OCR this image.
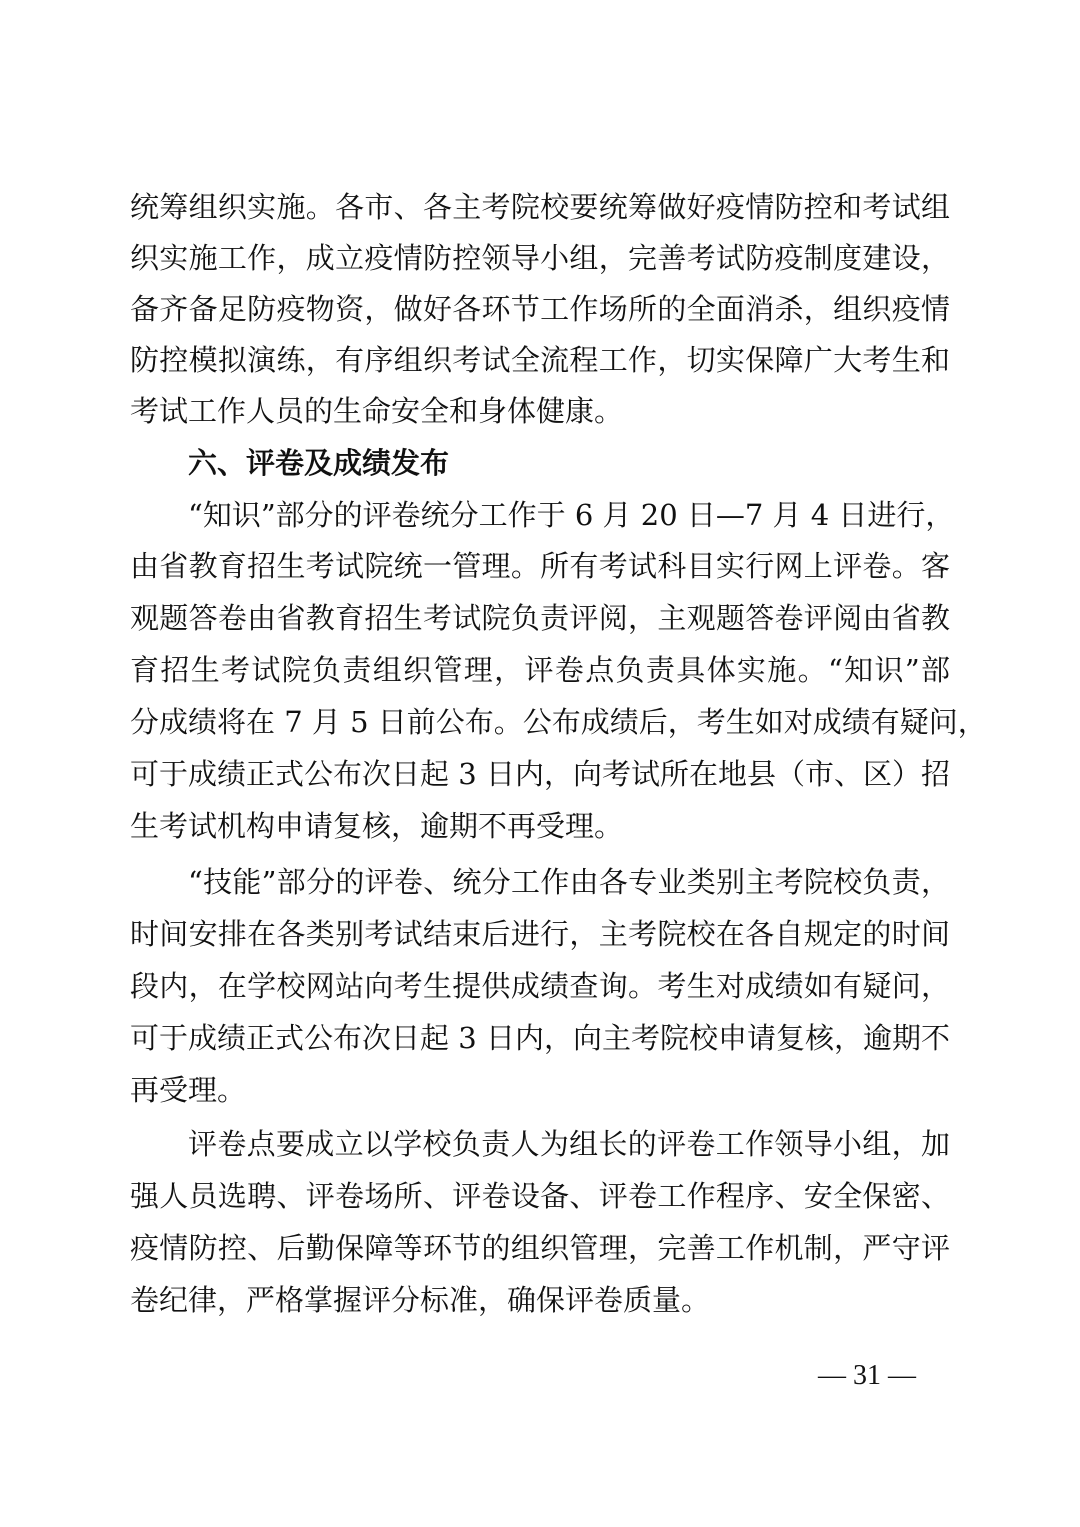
统筹组织实施。各市、各主考院校要统筹做好疫情防控和考试组
织实施工作，成立疫情防控领导小组，完善考试防疫制度建设，
备齐备足防疫物资，做好各环节工作场所的全面消杀，组织疫情
防控模拟演练，有序组织考试全流程工作，切实保障广大考生和
考试工作人员的生命安全和身体健康。
六、评卷及成绩发布
“知识”部分的评卷统分工作于 6 月 20 日—7 月 4 日进行，
由省教育招生考试院统一管理。所有考试科目实行网上评卷。客
观题答卷由省教育招生考试院负责评阅，主观题答卷评阅由省教
育招生考试院负责组织管理，评卷点负责具体实施。“知识”部
分成绩将在 7 月 5 日前公布。公布成绩后，考生如对成绩有疑问，
可于成绩正式公布次日起 3 日内，向考试所在地县（市、区）招
生考试机构申请复核，逾期不再受理。
“技能”部分的评卷、统分工作由各专业类别主考院校负责，
时间安排在各类别考试结束后进行，主考院校在各自规定的时间
段内，在学校网站向考生提供成绩查询。考生对成绩如有疑问，
可于成绩正式公布次日起 3 日内，向主考院校申请复核，逾期不
再受理。
评卷点要成立以学校负责人为组长的评卷工作领导小组，加
强人员选聘、评卷场所、评卷设备、评卷工作程序、安全保密、
疫情防控、后勤保障等环节的组织管理，完善工作机制，严守评
卷纪律，严格掌握评分标准，确保评卷质量。
— 31 —
